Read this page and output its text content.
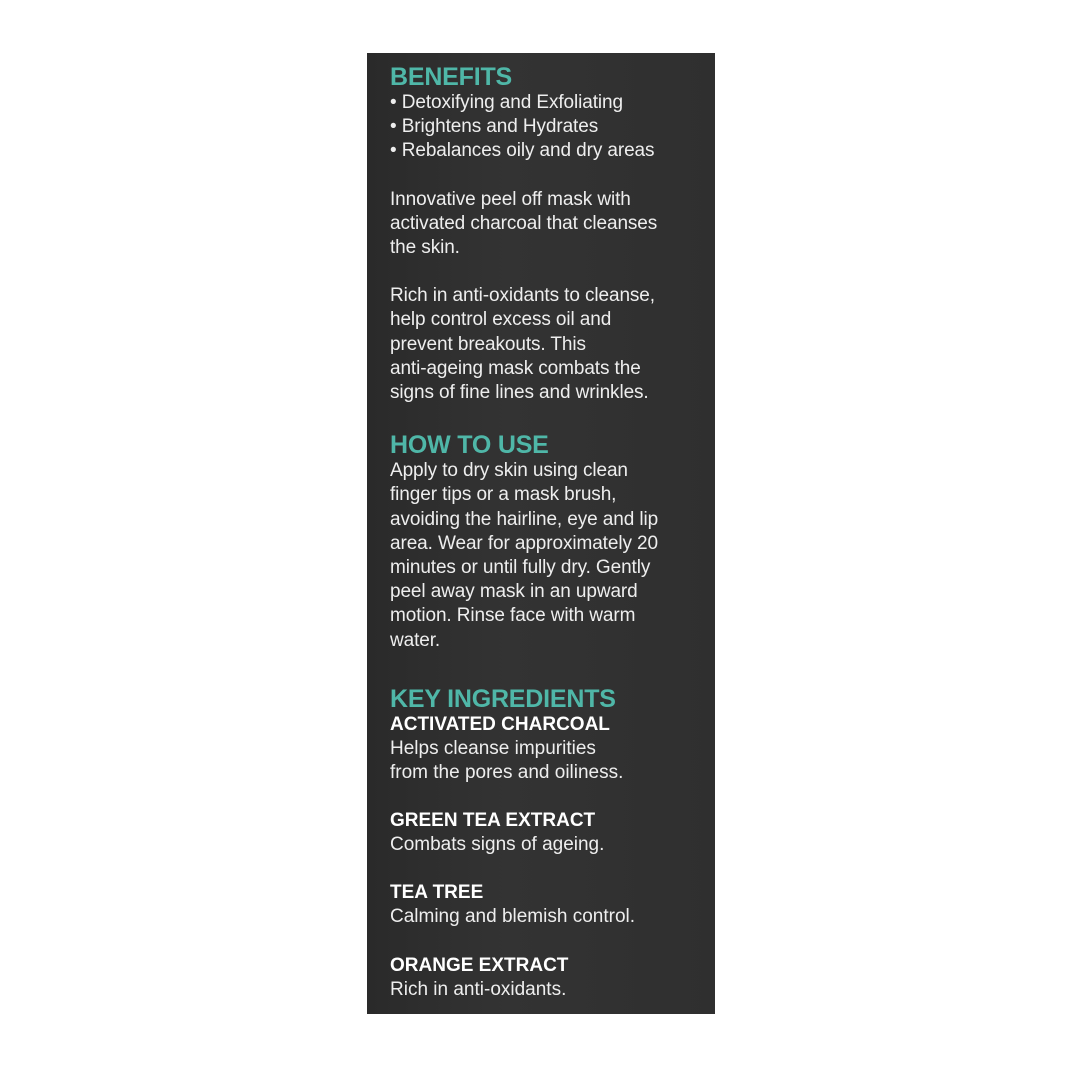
BENEFITS
• Detoxifying and Exfoliating
• Brightens and Hydrates
• Rebalances oily and dry areas
Innovative peel off mask with
activated charcoal that cleanses
the skin.
Rich in anti-oxidants to cleanse,
help control excess oil and
prevent breakouts. This
anti-ageing mask combats the
signs of fine lines and wrinkles.
HOW TO USE
Apply to dry skin using clean
finger tips or a mask brush,
avoiding the hairline, eye and lip
area. Wear for approximately 20
minutes or until fully dry. Gently
peel away mask in an upward
motion. Rinse face with warm
water.
KEY INGREDIENTS
ACTIVATED CHARCOAL
Helps cleanse impurities
from the pores and oiliness.
GREEN TEA EXTRACT
Combats signs of ageing.
TEA TREE
Calming and blemish control.
ORANGE EXTRACT
Rich in anti-oxidants.
